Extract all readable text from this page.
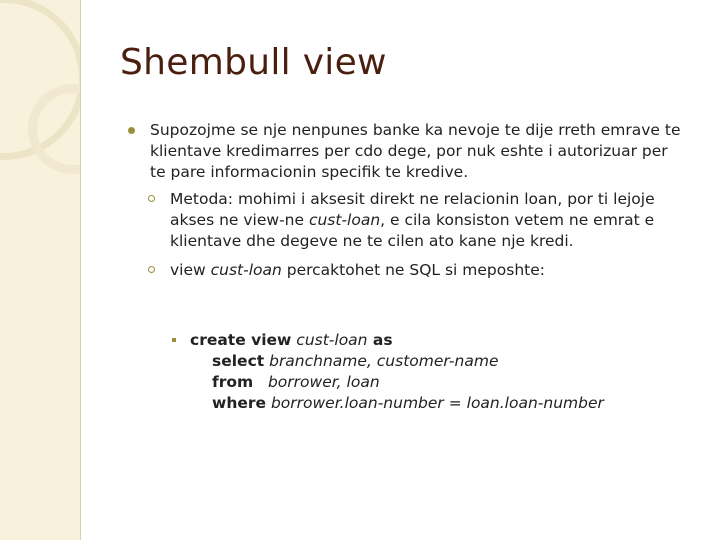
Shembull view
Supozojme se nje nenpunes banke ka nevoje te dije rreth emrave te klientave kredimarres per cdo dege, por nuk eshte i autorizuar per te pare informacionin specifik te kredive.
Metoda: mohimi i aksesit direkt ne relacionin loan, por ti lejoje akses ne view-ne cust-loan, e cila konsiston vetem ne emrat e klientave dhe degeve ne te cilen ato kane nje kredi.
view cust-loan percaktohet ne SQL si meposhte:
create view cust-loan as
select branchname, customer-name
from   borrower, loan
where borrower.loan-number = loan.loan-number
